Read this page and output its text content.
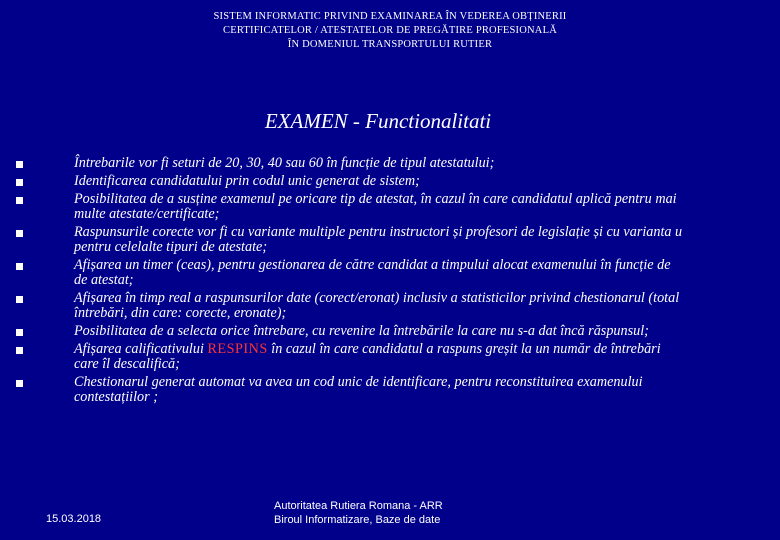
SISTEM INFORMATIC PRIVIND EXAMINAREA ÎN VEDEREA OBȚINERII
CERTIFICATELOR / ATESTATELOR DE PREGĂTIRE PROFESIONALĂ
ÎN DOMENIUL TRANSPORTULUI RUTIER
EXAMEN - Functionalitati
Întrebarile vor fi seturi de 20, 30, 40 sau 60 în funcție de tipul atestatului;
Identificarea candidatului prin codul unic generat de sistem;
Posibilitatea de a susține examenul pe oricare tip de atestat, în cazul în care candidatul aplică pentru mai
multe atestate/certificate;
Raspunsurile corecte vor fi cu variante multiple pentru instructori și profesori de legislație și cu varianta u
pentru celelalte tipuri de atestate;
Afișarea un timer (ceas), pentru gestionarea de către candidat a timpului alocat examenului în funcție de
de atestat;
Afișarea în timp real a raspunsurilor date (corect/eronat) inclusiv a statisticilor privind chestionarul (total
întrebări, din care: corecte, eronate);
Posibilitatea de a selecta orice întrebare, cu revenire la întrebările la care nu s-a dat încă răspunsul;
Afișarea calificativului RESPINS în cazul în care candidatul a raspuns greșit la un număr de întrebări
care îl descalifică;
Chestionarul generat automat va avea un cod unic de identificare, pentru reconstituirea examenului
contestațiilor ;
15.03.2018
Autoritatea Rutiera Romana - ARR
Biroul Informatizare, Baze de date
